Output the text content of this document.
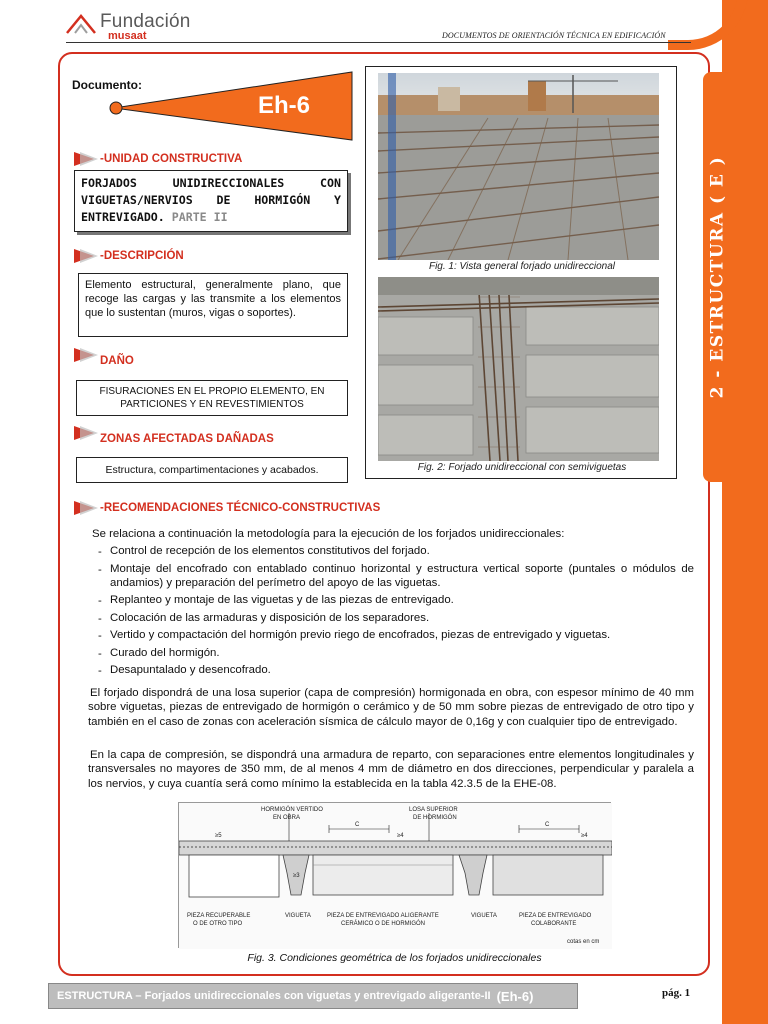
Fundación
musaat	DOCUMENTOS DE ORIENTACIÓN TÉCNICA EN EDIFICACIÓN
Documento:
Eh-6
-UNIDAD CONSTRUCTIVA
FORJADOS UNIDIRECCIONALES CON VIGUETAS/NERVIOS DE HORMIGÓN Y ENTREVIGADO. PARTE II
-DESCRIPCIÓN
Elemento estructural, generalmente plano, que recoge las cargas y las transmite a los elementos que lo sustentan (muros, vigas o soportes).
DAÑO
FISURACIONES EN EL PROPIO ELEMENTO, EN PARTICIONES Y EN REVESTIMIENTOS
ZONAS AFECTADAS DAÑADAS
Estructura, compartimentaciones y acabados.
Fig. 1: Vista general forjado unidireccional
Fig. 2: Forjado unidireccional con semiviguetas
2 - ESTRUCTURA ( E )
-RECOMENDACIONES TÉCNICO-CONSTRUCTIVAS

Se relaciona a continuación la metodología para la ejecución de los forjados unidireccionales:

- Control de recepción de los elementos constitutivos del forjado.
- Montaje del encofrado con entablado continuo horizontal y estructura vertical soporte (puntales o módulos de andamios) y preparación del perímetro del apoyo de las viguetas.
- Replanteo y montaje de las viguetas y de las piezas de entrevigado.
- Colocación de las armaduras y disposición de los separadores.
- Vertido y compactación del hormigón previo riego de encofrados, piezas de entrevigado y viguetas.
- Curado del hormigón.
- Desapuntalado y desencofrado.

El forjado dispondrá de una losa superior (capa de compresión) hormigonada en obra, con espesor mínimo de 40 mm sobre viguetas, piezas de entrevigado de hormigón o cerámico y de 50 mm sobre piezas de entrevigado de otro tipo y también en el caso de zonas con aceleración sísmica de cálculo mayor de 0,16g y con cualquier tipo de entrevigado.

En la capa de compresión, se dispondrá una armadura de reparto, con separaciones entre elementos longitudinales y transversales no mayores de 350 mm, de al menos 4 mm de diámetro en dos direcciones, perpendicular y paralela a los nervios, y cuya cuantía será como mínimo la establecida en la tabla 42.3.5 de la EHE-08.

HORMIGÓN VERTIDO
EN OBRA
LOSA SUPERIOR
DE HORMIGÓN
C	C
≥5	≥4	≥4
≥3
PIEZA RECUPERABLE
O DE OTRO TIPO
VIGUETA	PIEZA DE ENTREVIGADO ALIGERANTE
CERÁMICO O DE HORMIGÓN
VIGUETA	PIEZA DE ENTREVIGADO
COLABORANTE
cotas en cm
Fig. 3. Condiciones geométrica de los forjados unidireccionales
ESTRUCTURA – Forjados unidireccionales con viguetas y entrevigado aligerante-II (Eh-6)	pág. 1
